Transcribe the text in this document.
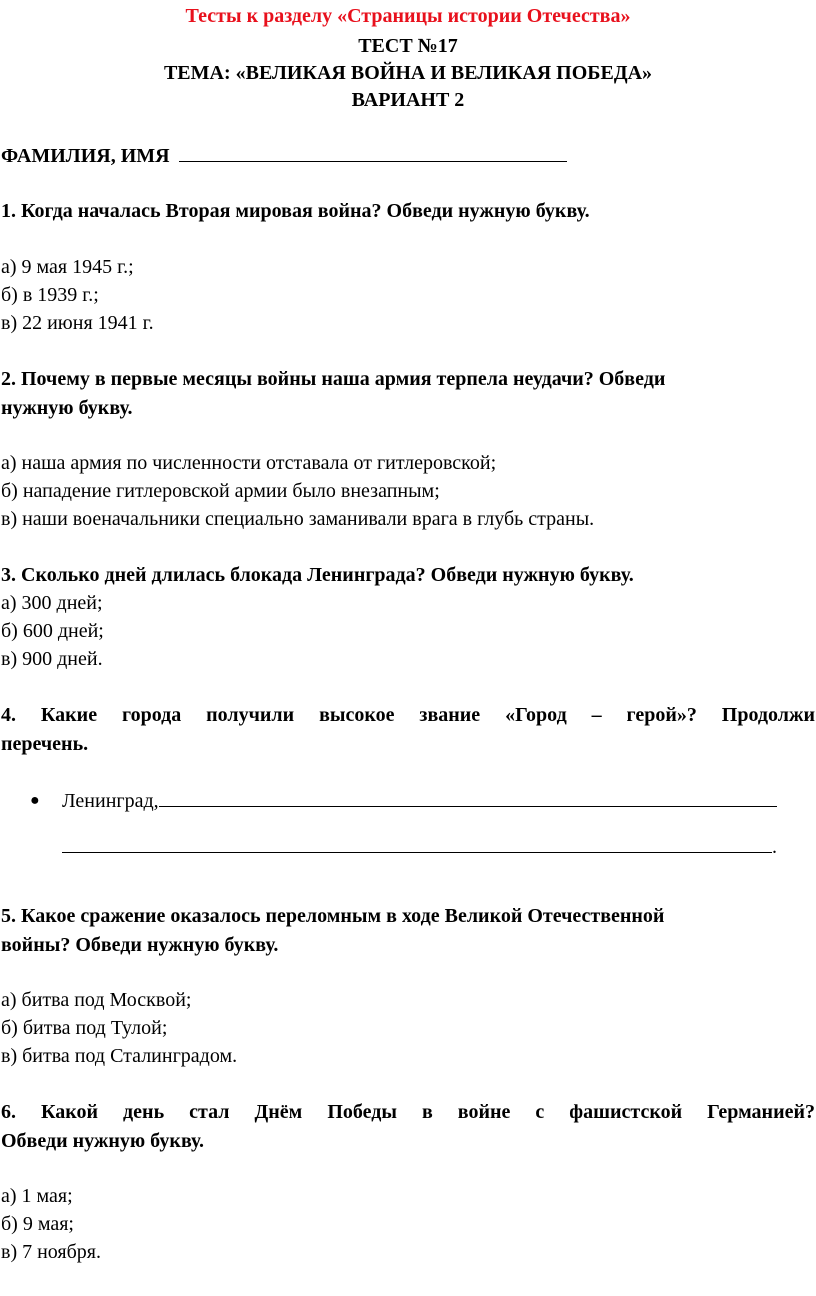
Тесты к разделу «Страницы истории Отечества»
ТЕСТ №17
ТЕМА: «ВЕЛИКАЯ ВОЙНА И ВЕЛИКАЯ ПОБЕДА»
ВАРИАНТ 2
ФАМИЛИЯ, ИМЯ
1. Когда началась Вторая мировая война? Обведи нужную букву.
а) 9 мая 1945 г.;
б) в 1939 г.;
в) 22 июня 1941 г.
2. Почему в первые месяцы войны наша армия терпела неудачи? Обведи
нужную букву.
а) наша армия по численности отставала от гитлеровской;
б) нападение гитлеровской армии было внезапным;
в) наши военачальники специально заманивали врага в глубь страны.
3. Сколько дней длилась блокада Ленинграда? Обведи нужную букву.
а) 300 дней;
б) 600 дней;
в) 900 дней.
4. Какие города получили высокое звание «Город – герой»? Продолжи
перечень.
● Ленинград,
.
5. Какое сражение оказалось переломным в ходе Великой Отечественной
войны? Обведи нужную букву.
а) битва под Москвой;
б) битва под Тулой;
в) битва под Сталинградом.
6. Какой день стал Днём Победы в войне с фашистской Германией?
Обведи нужную букву.
а) 1 мая;
б) 9 мая;
в) 7 ноября.
